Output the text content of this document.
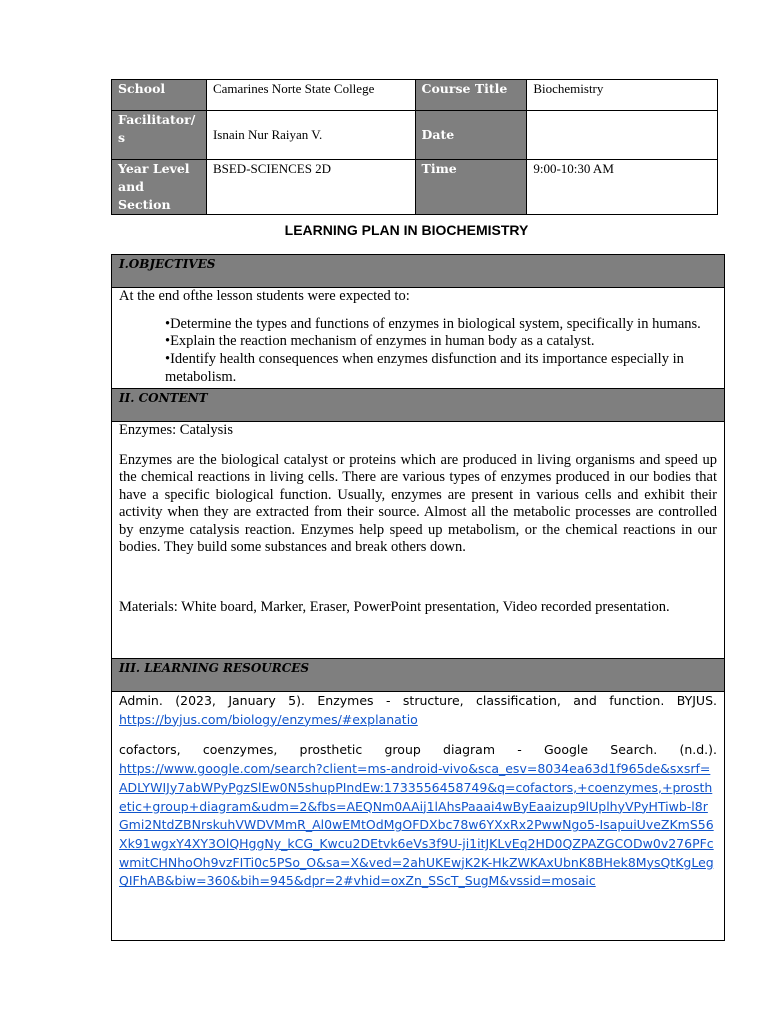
School	Camarines Norte State College	Course Title	Biochemistry
Facilitator/ s	Isnain Nur Raiyan V.	Date	
Year Level and Section	BSED-SCIENCES 2D	Time	9:00-10:30 AM
LEARNING PLAN IN BIOCHEMISTRY
I.OBJECTIVES

At the end ofthe lesson students were expected to:
• Determine the types and functions of enzymes in biological system, specifically in humans.
• Explain the reaction mechanism of enzymes in human body as a catalyst.
• Identify health consequences when enzymes disfunction and its importance especially in metabolism.

II. CONTENT

Enzymes: Catalysis
Enzymes are the biological catalyst or proteins which are produced in living organisms and speed up the chemical reactions in living cells. There are various types of enzymes produced in our bodies that have a specific biological function. Usually, enzymes are present in various cells and exhibit their activity when they are extracted from their source. Almost all the metabolic processes are controlled by enzyme catalysis reaction. Enzymes help speed up metabolism, or the chemical reactions in our bodies. They build some substances and break others down.
Materials: White board, Marker, Eraser, PowerPoint presentation, Video recorded presentation.

III. LEARNING RESOURCES

Admin. (2023, January 5). Enzymes - structure, classification, and function. BYJUS.
https://byjus.com/biology/enzymes/#explanatio
cofactors, coenzymes, prosthetic group diagram - Google Search. (n.d.).
https://www.google.com/search?client=ms-android-vivo&sca_esv=8034ea63d1f965de&sxsrf=ADLYWIJy7abWPyPgzSlEw0N5shupPIndEw:1733556458749&q=cofactors,+coenzymes,+prosthetic+group+diagram&udm=2&fbs=AEQNm0AAij1lAhsPaaai4wByEaaizup9lUplhyVPyHTiwb-l8rGmi2NtdZBNrskuhVWDVMmR_Al0wEMtOdMgOFDXbc78w6YXxRx2PwwNgo5-IsapuiUveZKmS56Xk91wgxY4XY3OlQHggNy_kCG_Kwcu2DEtvk6eVs3f9U-ji1itJKLvEq2HD0QZPAZGCODw0v276PFcwmitCHNhoOh9vzFITi0c5PSo_O&sa=X&ved=2ahUKEwjK2K-HkZWKAxUbnK8BHek8MysQtKgLegQIFhAB&biw=360&bih=945&dpr=2#vhid=oxZn_SScT_SugM&vssid=mosaic
